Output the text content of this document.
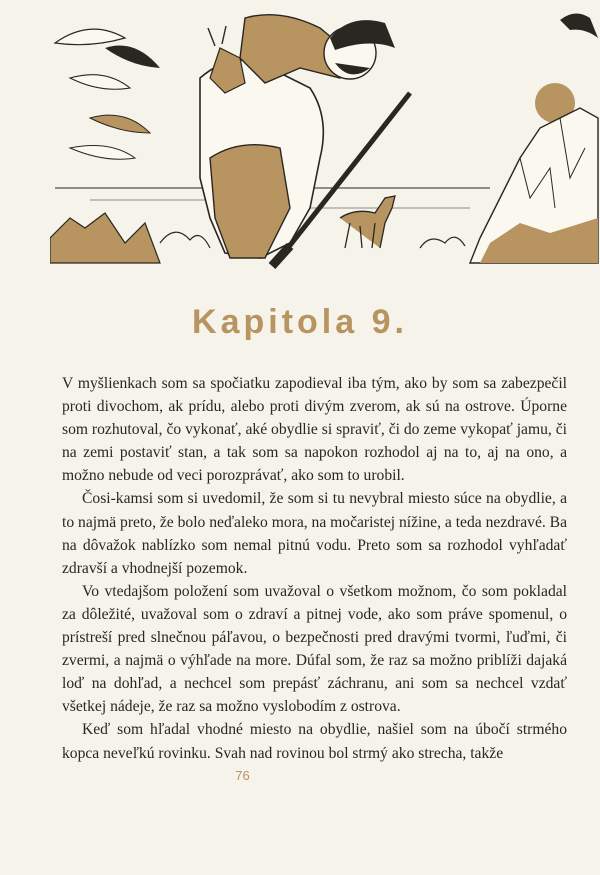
Kapitola 9.

V myšlienkach som sa spočiatku zapodieval iba tým, ako by som sa zabezpečil proti divochom, ak prídu, alebo proti divým zverom, ak sú na ostrove. Úporne som rozhutoval, čo vykonať, aké obydlie si spraviť, či do zeme vykopať jamu, či na zemi postaviť stan, a tak som sa napokon rozhodol aj na to, aj na ono, a možno nebude od veci porozprávať, ako som to urobil.

Čosi-kamsi som si uvedomil, že som si tu nevybral miesto súce na obydlie, a to najmä preto, že bolo neďaleko mora, na močaristej nížine, a teda nezdravé. Ba na dôvažok nablízko som nemal pitnú vodu. Preto som sa rozhodol vyhľadať zdravší a vhodnejší pozemok.

Vo vtedajšom položení som uvažoval o všetkom možnom, čo som pokladal za dôležité, uvažoval som o zdraví a pitnej vode, ako som práve spomenul, o prístreší pred slnečnou páľavou, o bezpečnosti pred dravými tvormi, ľuďmi, či zvermi, a najmä o výhľade na more. Dúfal som, že raz sa možno priblíži dajaká loď na dohľad, a nechcel som prepásť záchranu, ani som sa nechcel vzdať všetkej nádeje, že raz sa možno vyslobodím z ostrova.

Keď som hľadal vhodné miesto na obydlie, našiel som na úbočí strmého kopca neveľkú rovinku. Svah nad rovinou bol strmý ako strecha, takže

76
